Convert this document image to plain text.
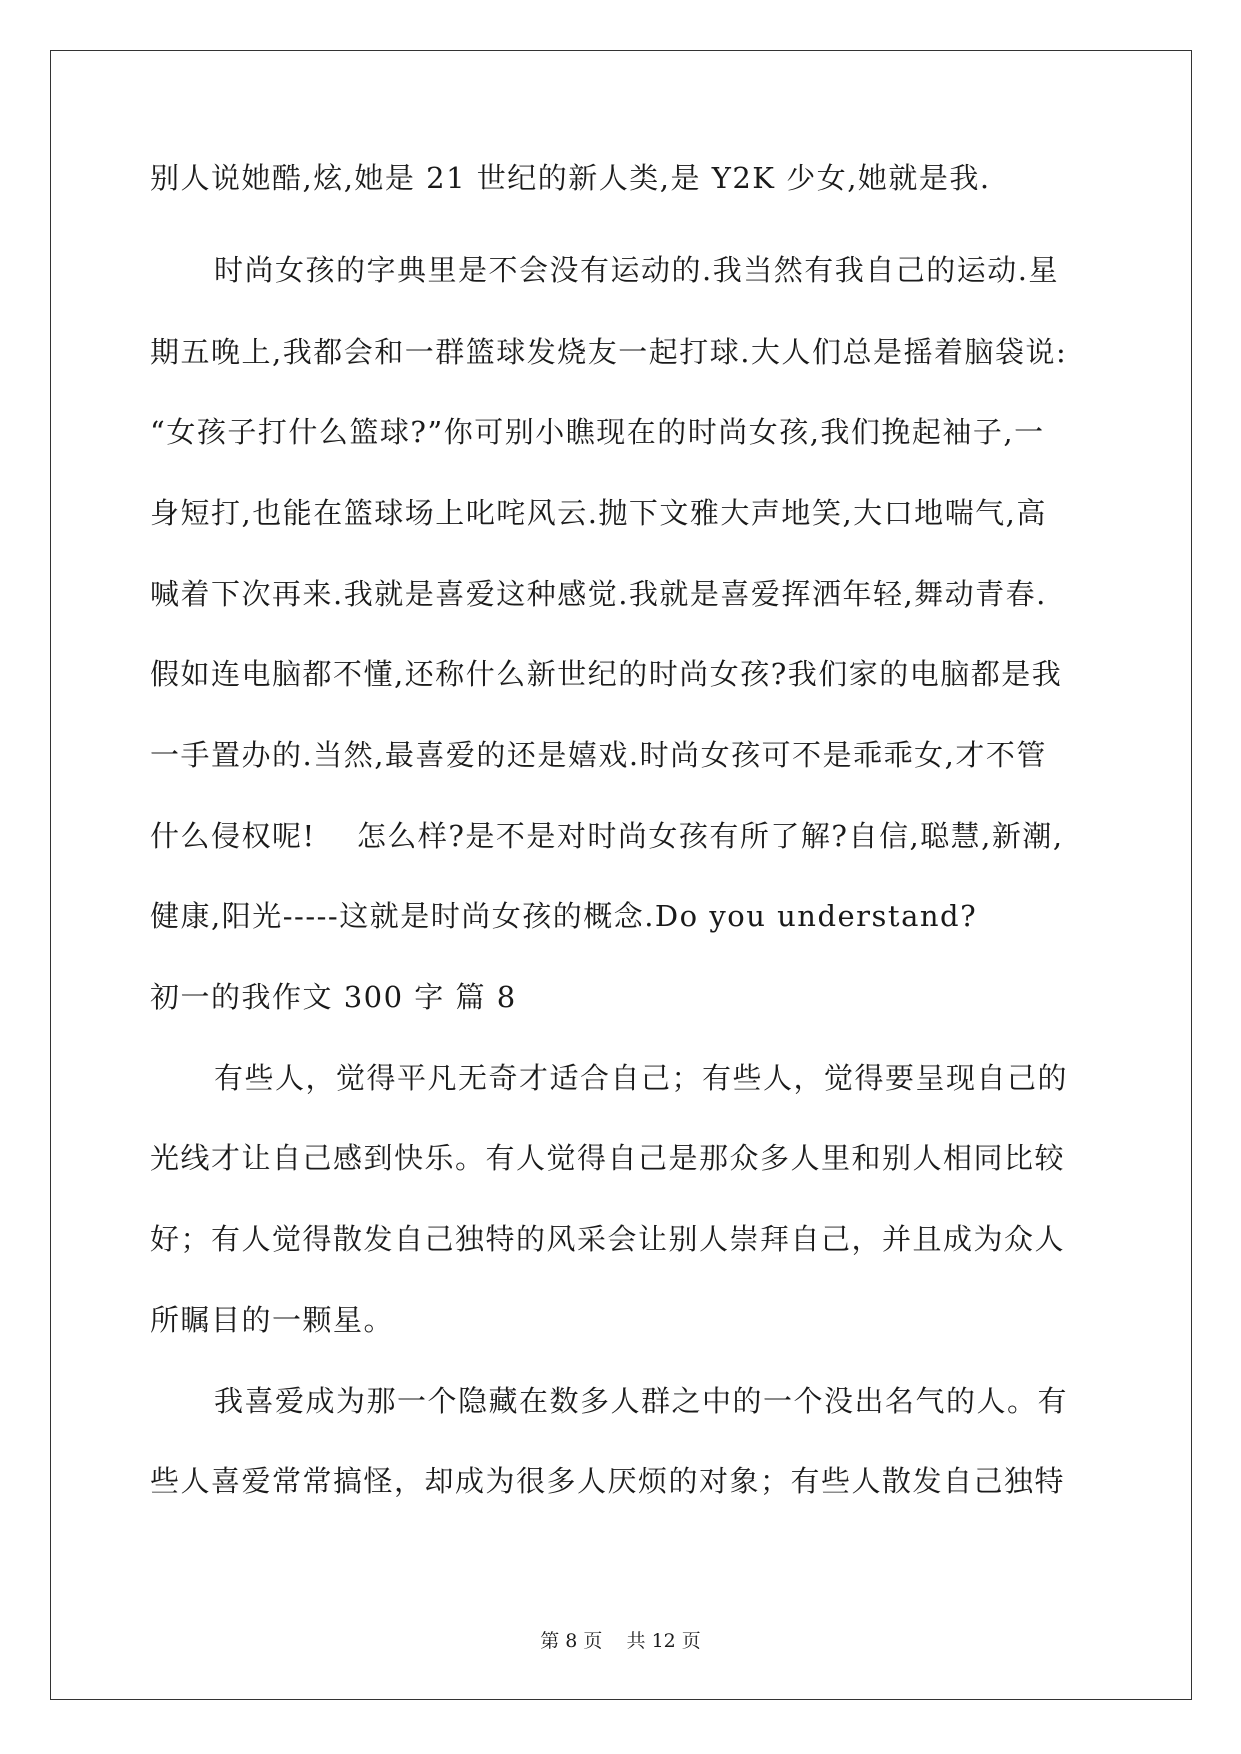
别人说她酷,炫,她是 21 世纪的新人类,是 Y2K 少女,她就是我.
时尚女孩的字典里是不会没有运动的.我当然有我自己的运动.星
期五晚上,我都会和一群篮球发烧友一起打球.大人们总是摇着脑袋说:
“女孩子打什么篮球?”你可别小瞧现在的时尚女孩,我们挽起袖子,一
身短打,也能在篮球场上叱咤风云.抛下文雅大声地笑,大口地喘气,高
喊着下次再来.我就是喜爱这种感觉.我就是喜爱挥洒年轻,舞动青春.
假如连电脑都不懂,还称什么新世纪的时尚女孩?我们家的电脑都是我
一手置办的.当然,最喜爱的还是嬉戏.时尚女孩可不是乖乖女,才不管
什么侵权呢!　 怎么样?是不是对时尚女孩有所了解?自信,聪慧,新潮,
健康,阳光-----这就是时尚女孩的概念.Do you understand?
初一的我作文 300 字 篇 8
有些人，觉得平凡无奇才适合自己；有些人，觉得要呈现自己的
光线才让自己感到快乐。有人觉得自己是那众多人里和别人相同比较
好；有人觉得散发自己独特的风采会让别人崇拜自己，并且成为众人
所瞩目的一颗星。
我喜爱成为那一个隐藏在数多人群之中的一个没出名气的人。有
些人喜爱常常搞怪，却成为很多人厌烦的对象；有些人散发自己独特
第 8 页    共 12 页
